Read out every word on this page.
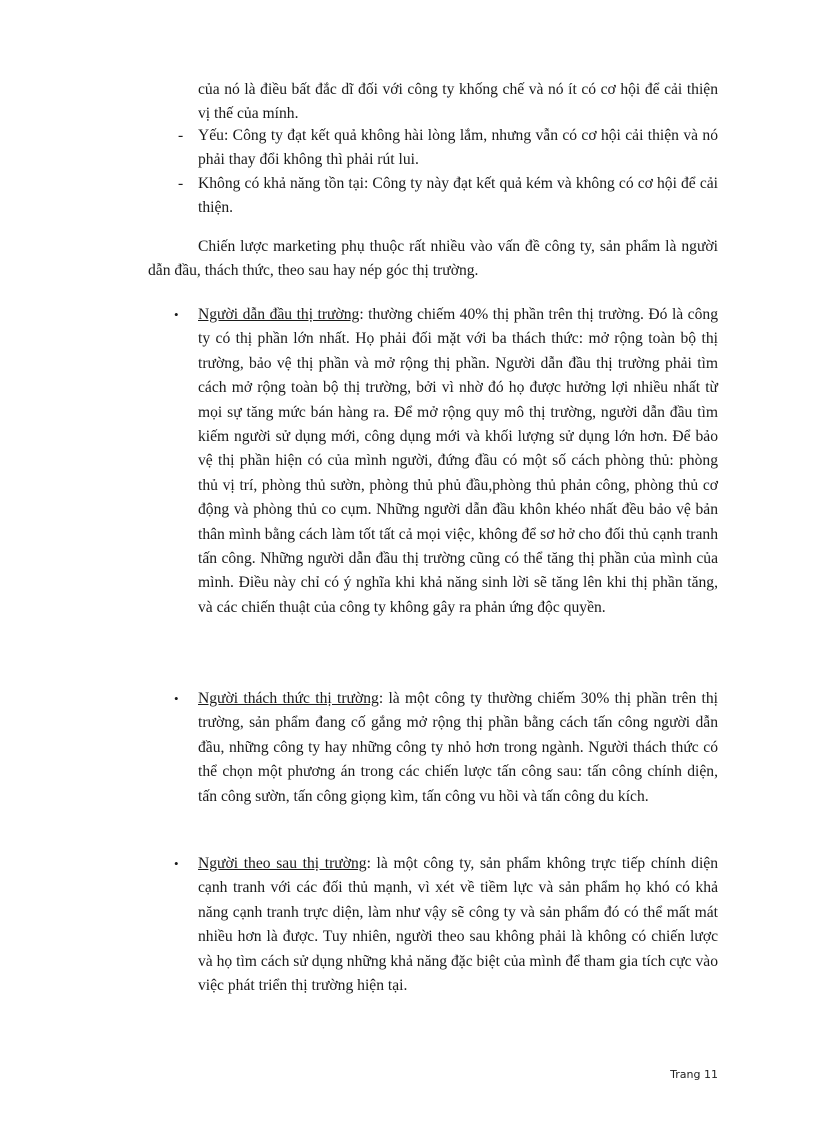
của nó là điều bất đắc dĩ đối với công ty khống chế và nó ít có cơ hội để cải thiện vị thế của mính.

- Yếu: Công ty đạt kết quả không hài lòng lắm, nhưng vẫn có cơ hội cải thiện và nó phải thay đổi không thì phải rút lui.
- Không có khả năng tồn tại: Công ty này đạt kết quả kém và không có cơ hội để cải thiện.

Chiến lược marketing phụ thuộc rất nhiều vào vấn đề công ty, sản phẩm là người dẫn đầu, thách thức, theo sau hay nép góc thị trường.

• Người dẫn đầu thị trường: thường chiếm 40% thị phần trên thị trường. Đó là công ty có thị phần lớn nhất. Họ phải đối mặt với ba thách thức: mở rộng toàn bộ thị trường, bảo vệ thị phần và mở rộng thị phần. Người dẫn đầu thị trường phải tìm cách mở rộng toàn bộ thị trường, bởi vì nhờ đó họ được hưởng lợi nhiều nhất từ mọi sự tăng mức bán hàng ra. Để mở rộng quy mô thị trường, người dẫn đầu tìm kiếm người sử dụng mới, công dụng mới và khối lượng sử dụng lớn hơn. Để bảo vệ thị phần hiện có của mình người, đứng đầu có một số cách phòng thủ: phòng thủ vị trí, phòng thủ sườn, phòng thủ phủ đầu,phòng thủ phản công, phòng thủ cơ động và phòng thủ co cụm. Những người dẫn đầu khôn khéo nhất đều bảo vệ bản thân mình bằng cách làm tốt tất cả mọi việc, không để sơ hở cho đối thủ cạnh tranh tấn công. Những người dẫn đầu thị trường cũng có thể tăng thị phần của mình của mình. Điều này chỉ có ý nghĩa khi khả năng sinh lời sẽ tăng lên khi thị phần tăng, và các chiến thuật của công ty không gây ra phản ứng độc quyền.

• Người thách thức thị trường: là một công ty thường chiếm 30% thị phần trên thị trường, sản phẩm đang cố gắng mở rộng thị phần bằng cách tấn công người dẫn đầu, những công ty hay những công ty nhỏ hơn trong ngành. Người thách thức có thể chọn một phương án trong các chiến lược tấn công sau: tấn công chính diện, tấn công sườn, tấn công giọng kìm, tấn công vu hồi và tấn công du kích.

• Người theo sau thị trường: là một công ty, sản phẩm không trực tiếp chính diện cạnh tranh với các đối thủ mạnh, vì xét về tiềm lực và sản phẩm họ khó có khả năng cạnh tranh trực diện, làm như vậy sẽ công ty và sản phẩm đó có thể mất mát nhiều hơn là được. Tuy nhiên, người theo sau không phải là không có chiến lược và họ tìm cách sử dụng những khả năng đặc biệt của mình để tham gia tích cực vào việc phát triển thị trường hiện tại.

Trang 11
